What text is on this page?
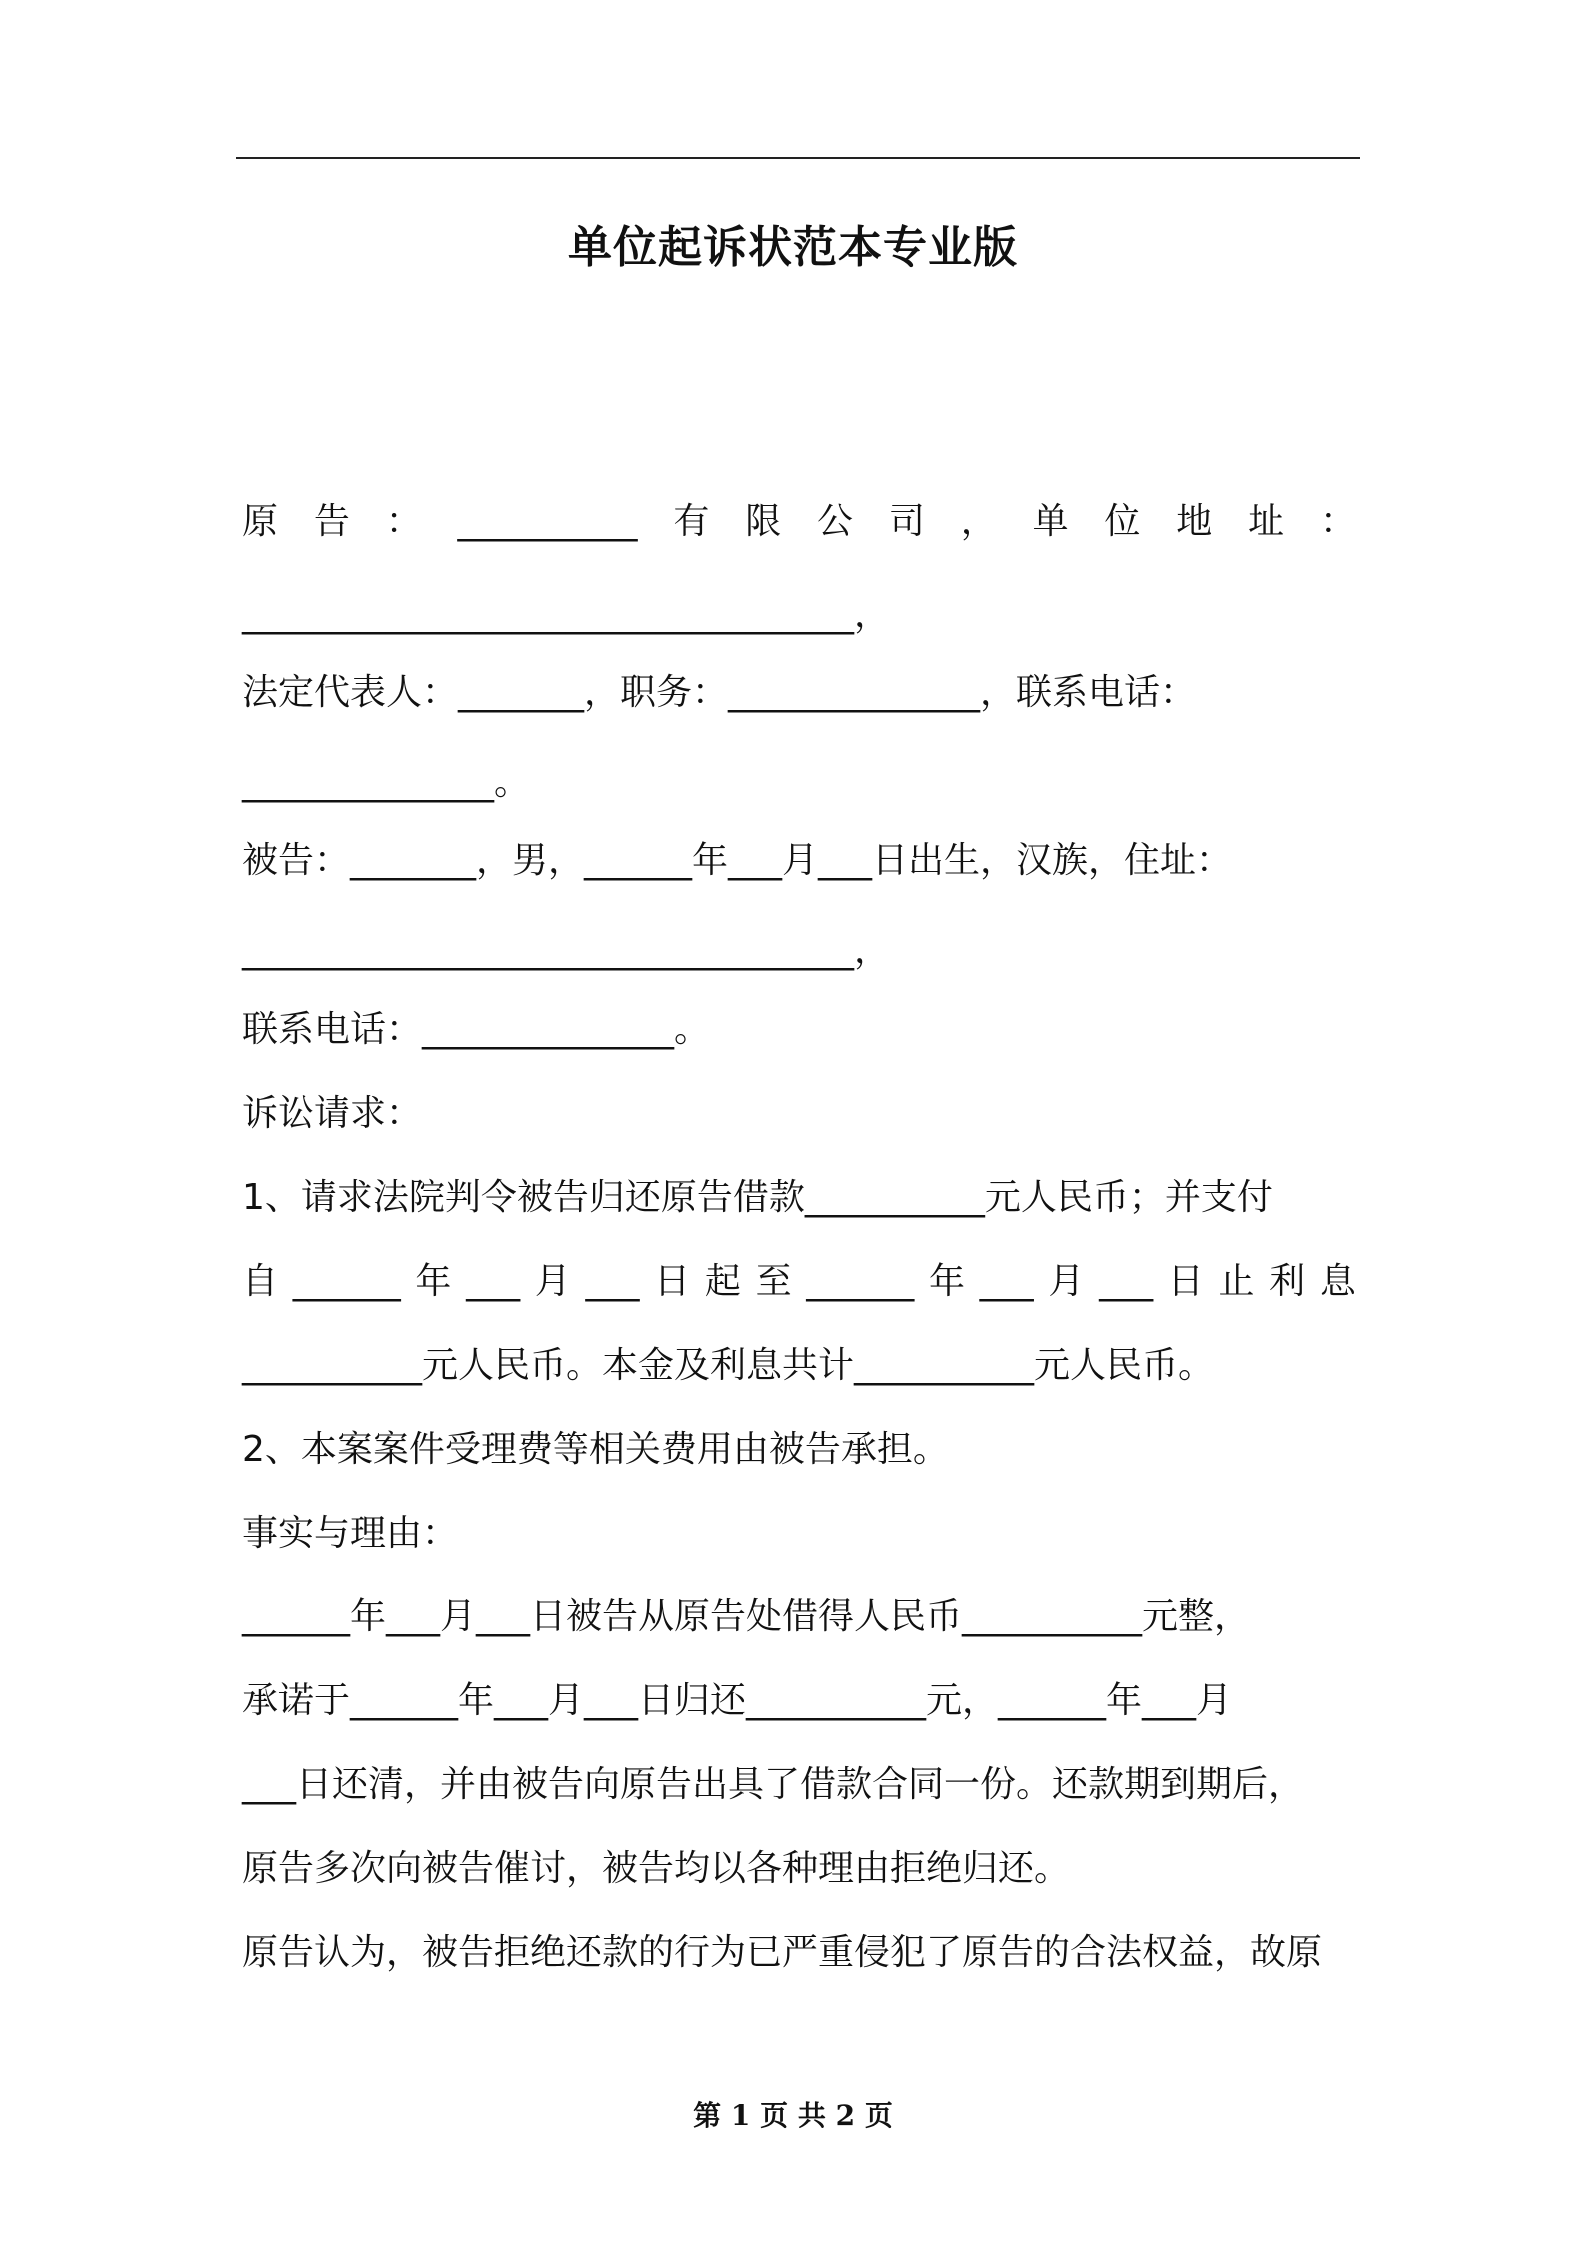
单位起诉状范本专业版
原 告 ： __________ 有 限 公 司 ， 单 位 地 址 ：
__________________________________，
法定代表人：_______，职务：______________，联系电话：
______________。
被告：_______，男，______年___月___日出生，汉族，住址：
__________________________________，
联系电话：______________。
诉讼请求：
1、请求法院判令被告归还原告借款__________元人民币；并支付
自 ______ 年 ___ 月 ___ 日 起 至 ______ 年 ___ 月 ___ 日 止 利 息
__________元人民币。本金及利息共计__________元人民币。
2、本案案件受理费等相关费用由被告承担。
事实与理由：
______年___月___日被告从原告处借得人民币__________元整，
承诺于______年___月___日归还__________元，______年___月
___日还清，并由被告向原告出具了借款合同一份。还款期到期后，
原告多次向被告催讨，被告均以各种理由拒绝归还。
原告认为，被告拒绝还款的行为已严重侵犯了原告的合法权益，故原
第 1 页 共 2 页
